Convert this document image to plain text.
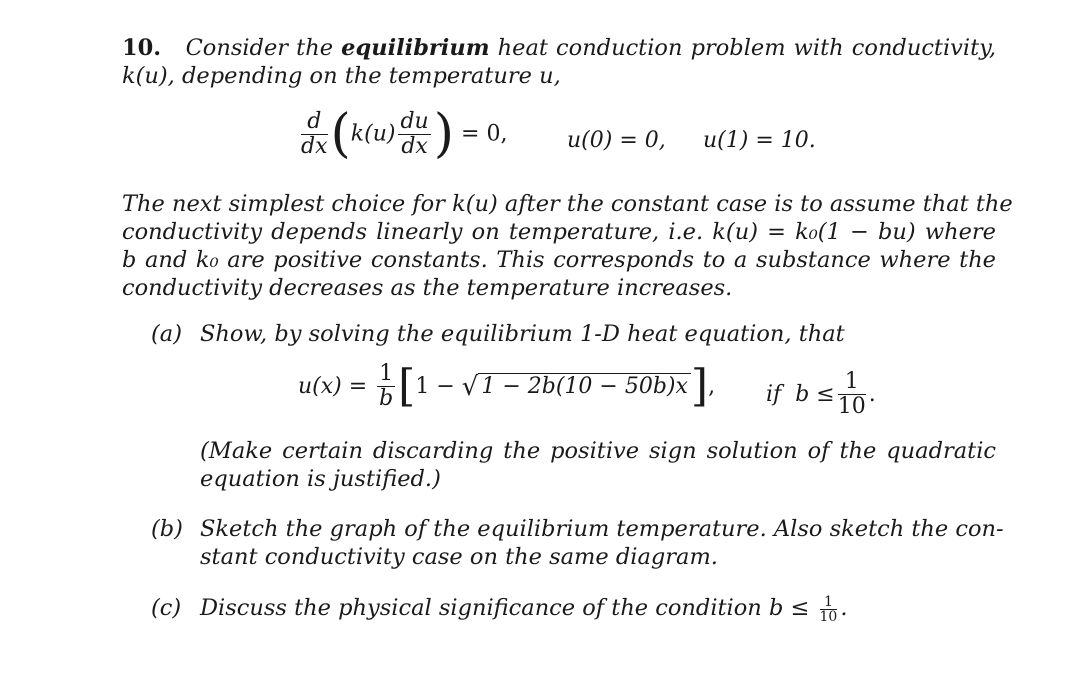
10. Consider the equilibrium heat conduction problem with conductivity,
k(u), depending on the temperature u,
$\frac{d}{dx} (k(u) \frac{du}{dx}$ ) = 0,	u(0) = 0, u(1) = 10.
The next simplest choice for k(u) after the constant case is to assume that the
conductivity depends linearly on temperature, i.e. k(u) = k₀(1 − bu) where
b and k₀ are positive constants. This corresponds to a substance where the
conductivity decreases as the temperature increases.
(a) Show, by solving the equilibrium 1-D heat equation, that
$u(x) = \frac{1}{b} [1$ − √ 1 − 2b(10 − 50b)x], if $b \le \frac{1}{10}$ .
(Make certain discarding the positive sign solution of the quadratic
equation is justified.)
(b) Sketch the graph of the equilibrium temperature. Also sketch the con-
stant conductivity case on the same diagram.
(c) Discuss the physical significance of the condition $b \le \frac{1}{10}$ .
